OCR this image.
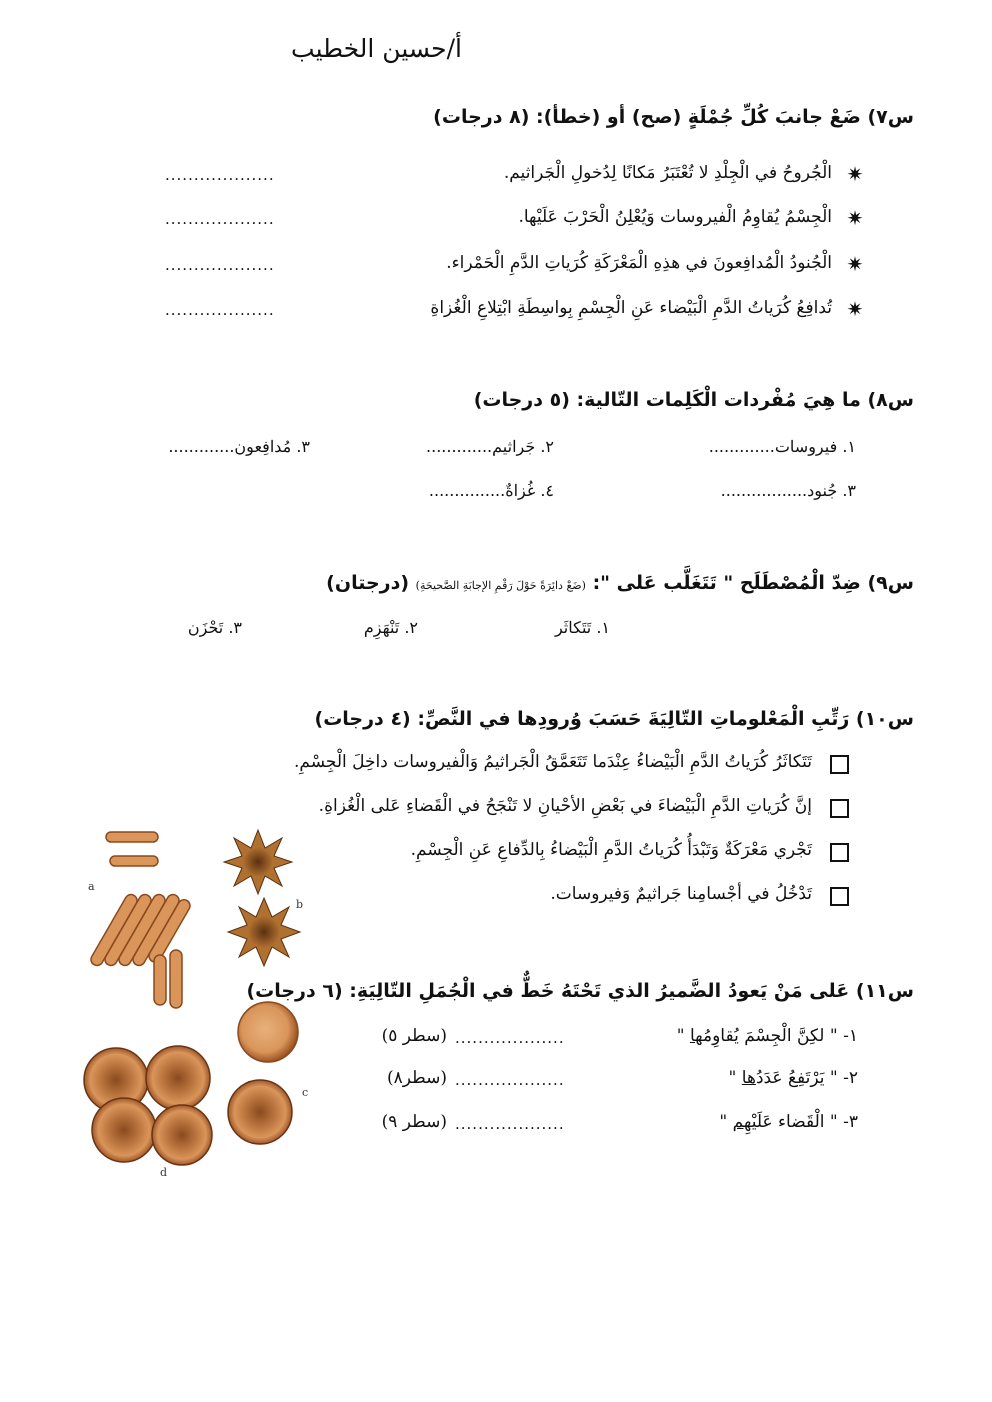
أ/حسين الخطيب
س٧) ضَعْ جانبَ كُلِّ جُمْلَةٍ (صح) أو (خطأ): (٨ درجات)
✷
الْجُروحُ في الْجِلْدِ لا تُعْتَبَرُ مَكانًا لِدُخولِ الْجَراثيم.
...................
✷
الْجِسْمُ يُقاوِمُ الْفيروسات وَيُعْلِنُ الْحَرْبَ عَلَيْها.
...................
✷
الْجُنودُ الْمُدافِعونَ في هذِهِ الْمَعْرَكَةِ كُرَياتِ الدَّمِ الْحَمْراء.
...................
✷
تُدافِعُ كُرَياتُ الدَّمِ الْبَيْضاء عَنِ الْجِسْمِ بِواسِطَةِ ابْتِلاعِ الْغُزاةِ
...................
س٨) ما هِيَ مُفْردات الْكَلِمات التّالية: (٥ درجات)
١. فيروسات.............
٢. جَراثيم.............
٣. مُدافِعون.............
٣. جُنود.................
٤. غُزاةٌ...............
س٩) ضِدّ الْمُصْطَلَح " تَتَغَلَّب عَلى ": (ضَعْ دائِرَةً حَوْلَ رَقْمِ الإجابَةِ الصَّحيحَةِ) (درجتان)
١. تَتَكاثَر
٢. تَنْهَزِم
٣. تَحْزَن
س١٠) رَتِّبِ الْمَعْلوماتِ التّالِيَةَ حَسَبَ وُرودِها في النَّصِّ: (٤ درجات)
تَتَكاثَرُ كُرَياتُ الدَّمِ الْبَيْضاءُ عِنْدَما تَتَعَمَّقُ الْجَراثيمُ وَالْفيروسات داخِلَ الْجِسْمِ.
إنَّ كُرَياتِ الدَّمِ الْبَيْضاءَ في بَعْضِ الأحْيانِ لا تَنْجَحُ في الْقَضاءِ عَلى الْغُزاةِ.
تَجْري مَعْرَكَةٌ وَتَبْدَأُ كُرَياتُ الدَّمِ الْبَيْضاءُ بِالدِّفاعِ عَنِ الْجِسْمِ.
تَدْخُلُ في أجْسامِنا جَراثيمٌ وَفيروسات.
س١١) عَلى مَنْ يَعودُ الضَّميرُ الذي تَحْتَهُ خَطٌّ في الْجُمَلِ التّالِيَةِ: (٦ درجات)
١- " لكِنَّ الْجِسْمَ يُقاوِمُها "
...................
(سطر ٥)
٢- " يَرْتَفِعُ عَدَدُها "
...................
(سطر٨)
٣- " الْقَضاء عَلَيْهِم "
...................
(سطر ٩)
a
b
c
d
